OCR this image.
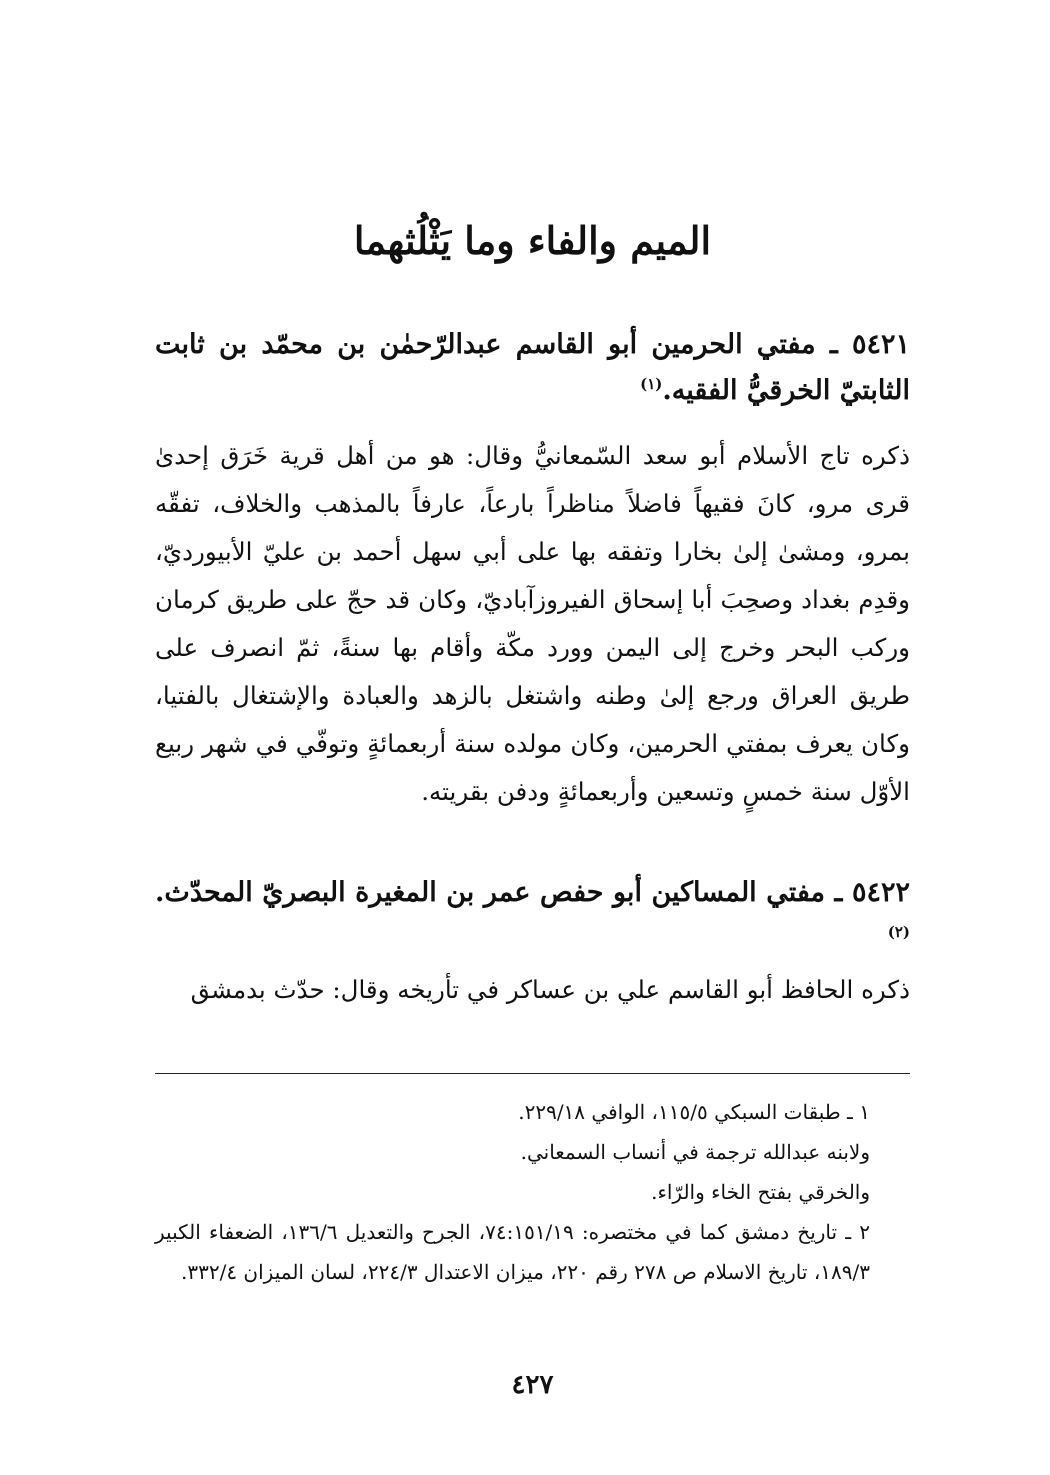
الميم والفاء وما يَثْلُثهما

٥٤٢١ ـ مفتي الحرمين أبو القاسم عبدالرّحمٰن بن محمّد بن ثابت الثابتيّ الخرقيُّ الفقيه.$^{(١)}$

ذكره تاج الأسلام أبو سعد السّمعانيُّ وقال: هو من أهل قرية خَرَق إحدىٰ قرى مرو، كانَ فقيهاً فاضلاً مناظراً بارعاً، عارفاً بالمذهب والخلاف، تفقّه بمرو، ومشىٰ إلىٰ بخارا وتفقه بها على أبي سهل أحمد بن عليّ الأبيورديّ، وقدِم بغداد وصحِبَ أبا إسحاق الفيروزآباديّ، وكان قد حجّ على طريق كرمان وركب البحر وخرج إلى اليمن وورد مكّة وأقام بها سنةً، ثمّ انصرف على طريق العراق ورجع إلىٰ وطنه واشتغل بالزهد والعبادة والإشتغال بالفتيا، وكان يعرف بمفتي الحرمين، وكان مولده سنة أربعمائةٍ وتوفّي في شهر ربيع الأوّل سنة خمسٍ وتسعين وأربعمائةٍ ودفن بقريته.

٥٤٢٢ ـ مفتي المساكين أبو حفص عمر بن المغيرة البصريّ المحدّث.$^{(٢)}$

ذكره الحافظ أبو القاسم علي بن عساكر في تأريخه وقال: حدّث بدمشق

١ ـ طبقات السبكي ١١٥/٥، الوافي ٢٢٩/١٨.
ولابنه عبدالله ترجمة في أنساب السمعاني.
والخرقي بفتح الخاء والرّاء.
٢ ـ تاريخ دمشق كما في مختصره: ٧٤:١٥١/١٩، الجرح والتعديل ١٣٦/٦، الضعفاء الكبير ١٨٩/٣، تاريخ الاسلام ص ٢٧٨ رقم ٢٢٠، ميزان الاعتدال ٢٢٤/٣، لسان الميزان ٣٣٢/٤.
٤٢٧
